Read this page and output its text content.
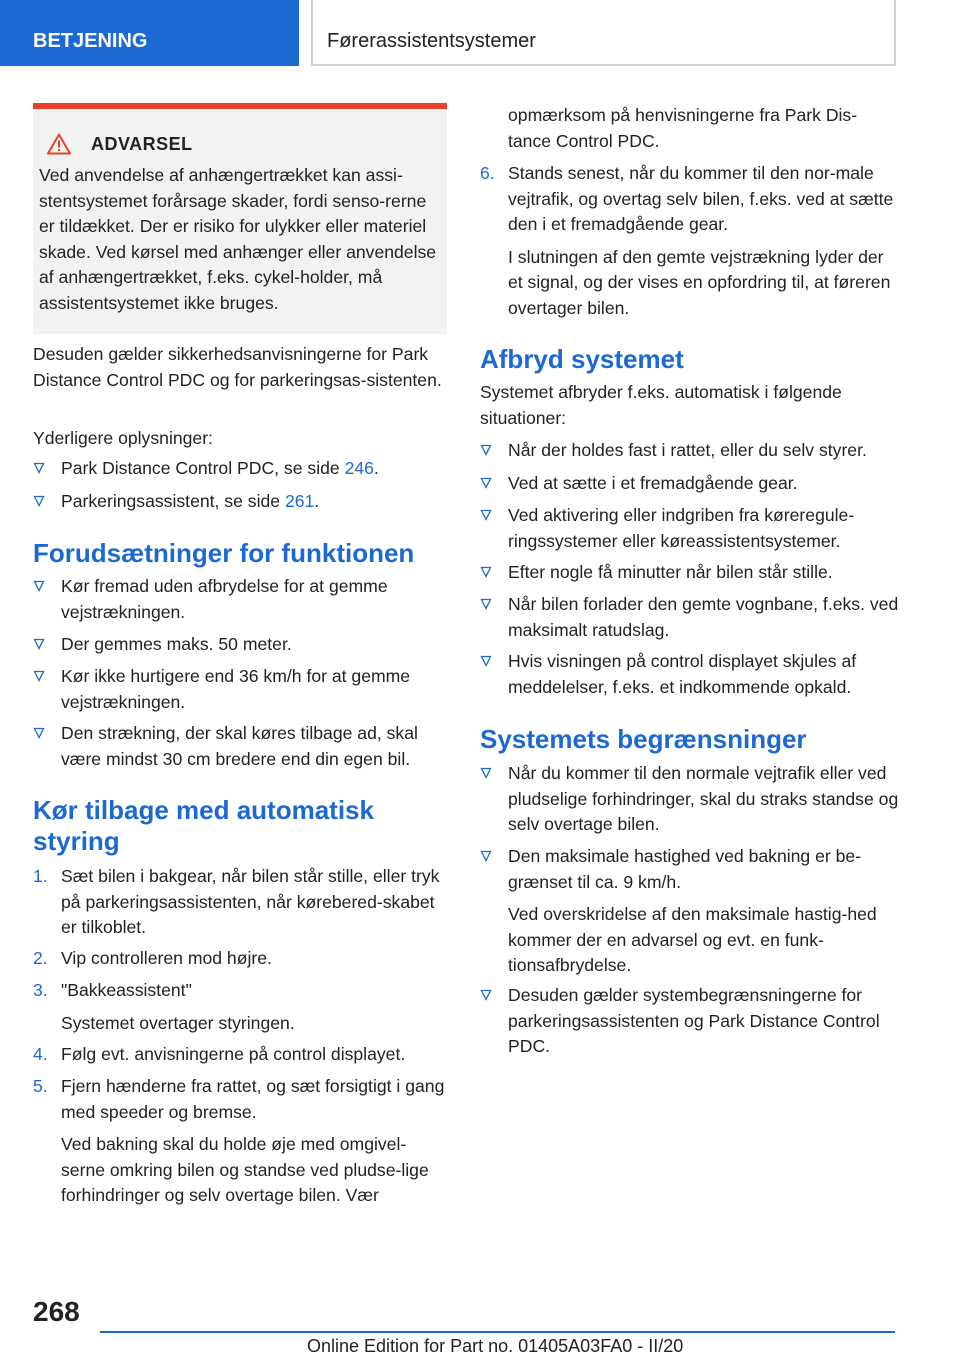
BETJENING	Førerassistentsystemer
ADVARSEL
Ved anvendelse af anhængertrækket kan assi-stentsystemet forårsage skader, fordi senso-rerne er tildækket. Der er risiko for ulykker eller materiel skade. Ved kørsel med anhænger eller anvendelse af anhængertrækket, f.eks. cykel-holder, må assistentsystemet ikke bruges.
Desuden gælder sikkerhedsanvisningerne for Park Distance Control PDC og for parkeringsas-sistenten.
Yderligere oplysninger:
Park Distance Control PDC, se side 246.
Parkeringsassistent, se side 261.
Forudsætninger for funktionen
Kør fremad uden afbrydelse for at gemme vejstrækningen.
Der gemmes maks. 50 meter.
Kør ikke hurtigere end 36 km/h for at gemme vejstrækningen.
Den strækning, der skal køres tilbage ad, skal være mindst 30 cm bredere end din egen bil.
Kør tilbage med automatisk styring
1. Sæt bilen i bakgear, når bilen står stille, eller tryk på parkeringsassistenten, når kørebered-skabet er tilkoblet.
2. Vip controlleren mod højre.
3. "Bakkeassistent"
Systemet overtager styringen.
4. Følg evt. anvisningerne på control displayet.
5. Fjern hænderne fra rattet, og sæt forsigtigt i gang med speeder og bremse.
Ved bakning skal du holde øje med omgivel-serne omkring bilen og standse ved pludse-lige forhindringer og selv overtage bilen. Vær
opmærksom på henvisningerne fra Park Dis-tance Control PDC.
6. Stands senest, når du kommer til den nor-male vejtrafik, og overtag selv bilen, f.eks. ved at sætte den i et fremadgående gear.
I slutningen af den gemte vejstrækning lyder der et signal, og der vises en opfordring til, at føreren overtager bilen.
Afbryd systemet
Systemet afbryder f.eks. automatisk i følgende situationer:
Når der holdes fast i rattet, eller du selv styrer.
Ved at sætte i et fremadgående gear.
Ved aktivering eller indgriben fra køreregule-ringssystemer eller køreassistentsystemer.
Efter nogle få minutter når bilen står stille.
Når bilen forlader den gemte vognbane, f.eks. ved maksimalt ratudslag.
Hvis visningen på control displayet skjules af meddelelser, f.eks. et indkommende opkald.
Systemets begrænsninger
Når du kommer til den normale vejtrafik eller ved pludselige forhindringer, skal du straks standse og selv overtage bilen.
Den maksimale hastighed ved bakning er be-grænset til ca. 9 km/h.
Ved overskridelse af den maksimale hastig-hed kommer der en advarsel og evt. en funk-tionsafbrydelse.
Desuden gælder systembegrænsningerne for parkeringsassistenten og Park Distance Control PDC.
268
Online Edition for Part no. 01405A03FA0 - II/20
